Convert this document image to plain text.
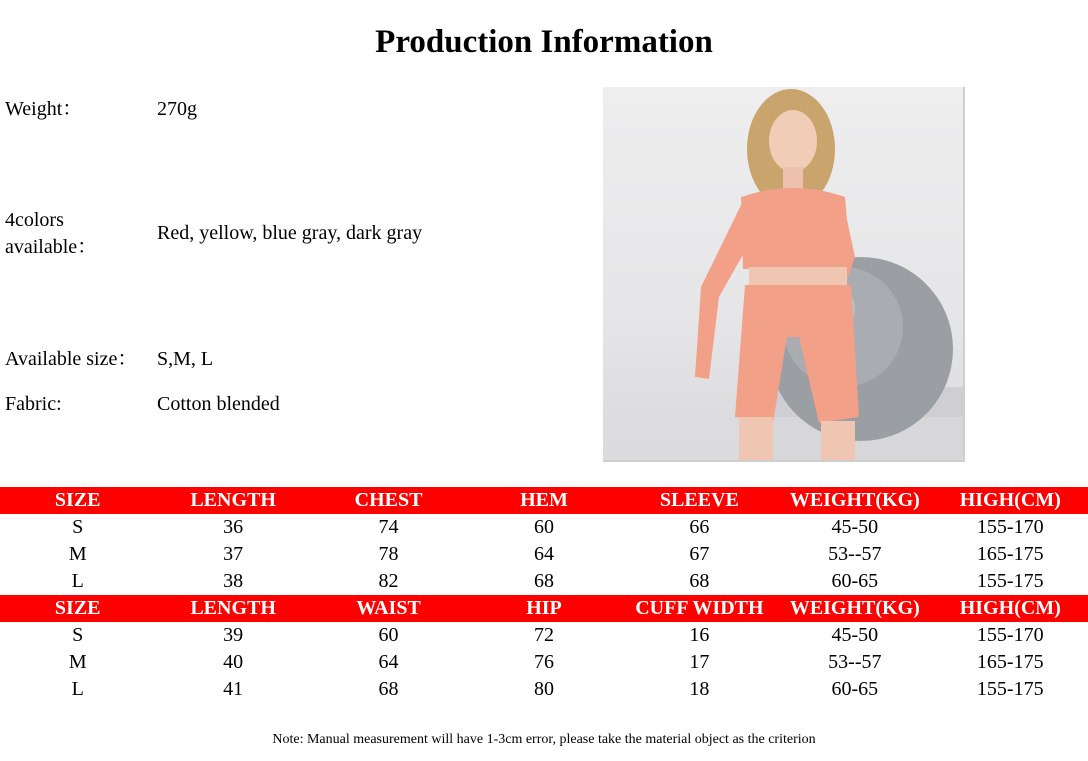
Production Information
Weight：	270g
4colors
available：
Red, yellow, blue gray, dark gray
Available size： S,M, L
Fabric:	Cotton blended
SIZE	LENGTH	CHEST	HEM	SLEEVE	WEIGHT(KG)	HIGH(CM)
S	36	74	60	66	45-50	155-170
M	37	78	64	67	53--57	165-175
L	38	82	68	68	60-65	155-175
SIZE	LENGTH	WAIST	HIP	CUFF WIDTH	WEIGHT(KG)	HIGH(CM)
S	39	60	72	16	45-50	155-170
M	40	64	76	17	53--57	165-175
L	41	68	80	18	60-65	155-175
Note: Manual measurement will have 1-3cm error, please take the material object as the criterion
